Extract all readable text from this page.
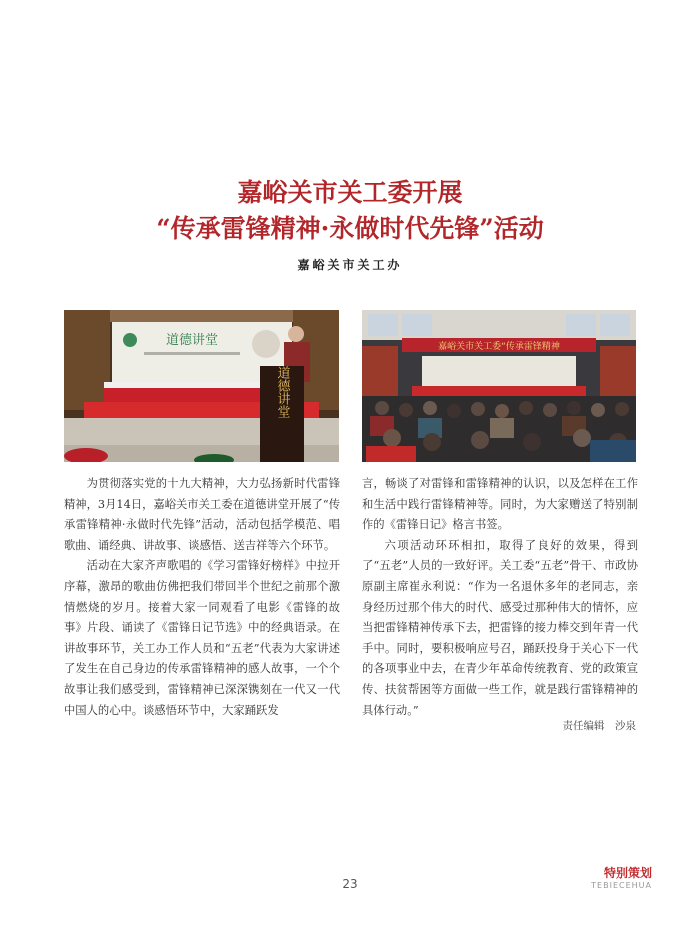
嘉峪关市关工委开展
“传承雷锋精神·永做时代先锋”活动

嘉峪关市关工办

道德讲堂
道德讲堂
嘉峪关市关工委“传承雷锋精神

为贯彻落实党的十九大精神，大力弘扬新时代雷锋精神，3月14日，嘉峪关市关工委在道德讲堂开展了“传承雷锋精神·永做时代先锋”活动，活动包括学模范、唱歌曲、诵经典、讲故事、谈感悟、送吉祥等六个环节。

活动在大家齐声歌唱的《学习雷锋好榜样》中拉开序幕，激昂的歌曲仿佛把我们带回半个世纪之前那个激情燃烧的岁月。接着大家一同观看了电影《雷锋的故事》片段、诵读了《雷锋日记节选》中的经典语录。在讲故事环节，关工办工作人员和“五老”代表为大家讲述了发生在自己身边的传承雷锋精神的感人故事，一个个故事让我们感受到，雷锋精神已深深镌刻在一代又一代中国人的心中。谈感悟环节中，大家踊跃发

言，畅谈了对雷锋和雷锋精神的认识，以及怎样在工作和生活中践行雷锋精神等。同时，为大家赠送了特别制作的《雷锋日记》格言书签。

六项活动环环相扣，取得了良好的效果，得到了“五老”人员的一致好评。关工委“五老”骨干、市政协原副主席崔永利说：“作为一名退休多年的老同志，亲身经历过那个伟大的时代、感受过那种伟大的情怀，应当把雷锋精神传承下去，把雷锋的接力棒交到年青一代手中。同时，要积极响应号召，踊跃投身于关心下一代的各项事业中去，在青少年革命传统教育、党的政策宣传、扶贫帮困等方面做一些工作，就是践行雷锋精神的具体行动。”

责任编辑　沙泉
23
特别策划
TEBIECEHUA
